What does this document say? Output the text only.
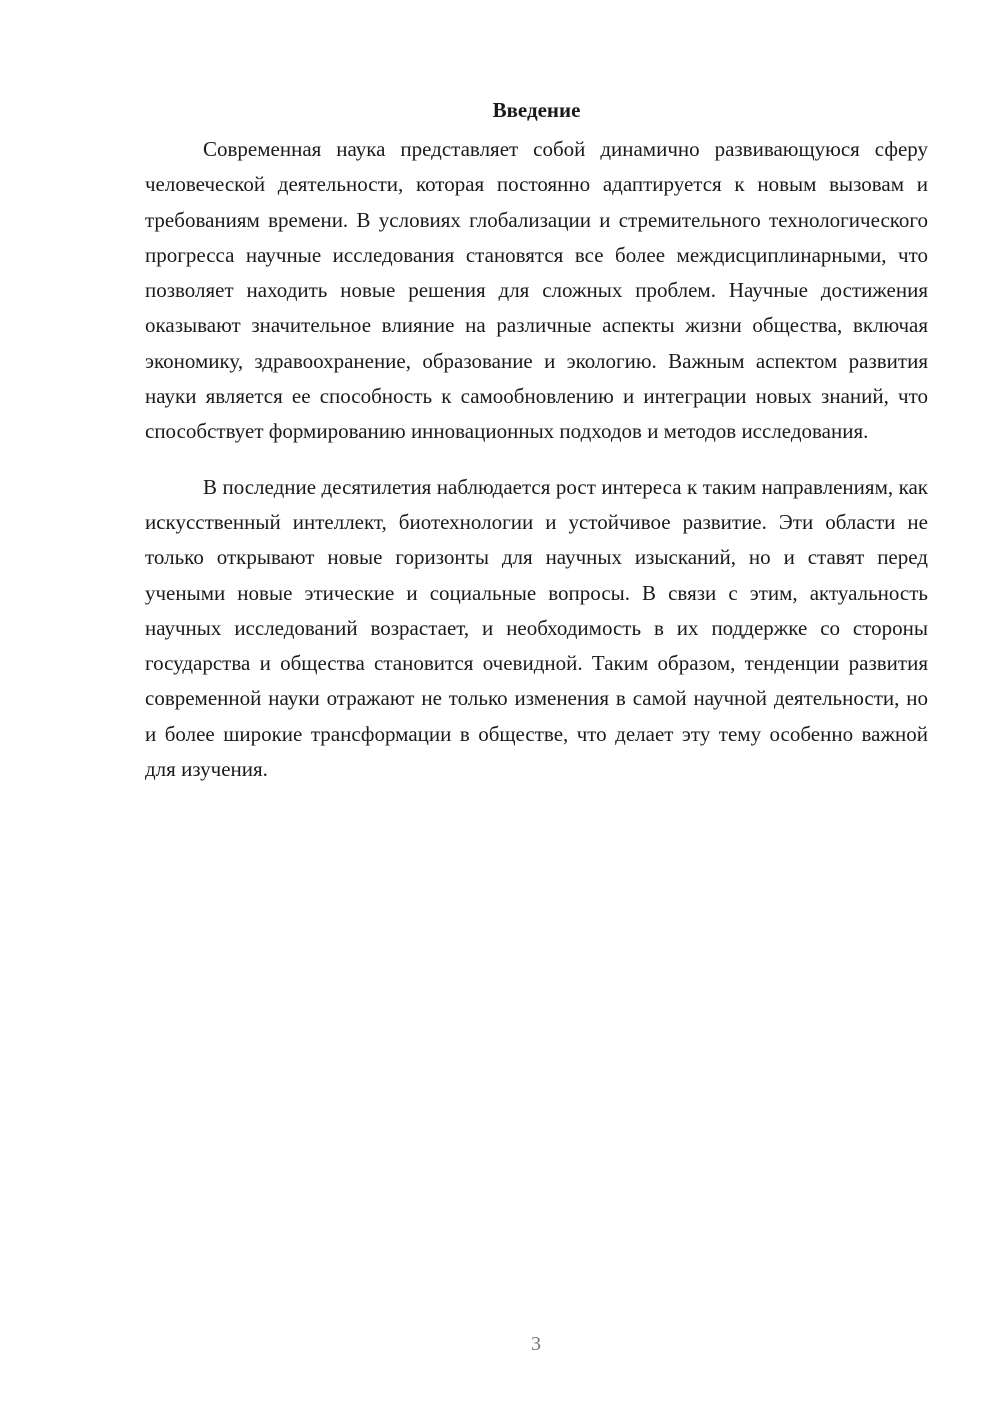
Введение

Современная наука представляет собой динамично развивающуюся сферу человеческой деятельности, которая постоянно адаптируется к новым вызовам и требованиям времени. В условиях глобализации и стремительного технологического прогресса научные исследования становятся все более междисциплинарными, что позволяет находить новые решения для сложных проблем. Научные достижения оказывают значительное влияние на различные аспекты жизни общества, включая экономику, здравоохранение, образование и экологию. Важным аспектом развития науки является ее способность к самообновлению и интеграции новых знаний, что способствует формированию инновационных подходов и методов исследования.

В последние десятилетия наблюдается рост интереса к таким направлениям, как искусственный интеллект, биотехнологии и устойчивое развитие. Эти области не только открывают новые горизонты для научных изысканий, но и ставят перед учеными новые этические и социальные вопросы. В связи с этим, актуальность научных исследований возрастает, и необходимость в их поддержке со стороны государства и общества становится очевидной. Таким образом, тенденции развития современной науки отражают не только изменения в самой научной деятельности, но и более широкие трансформации в обществе, что делает эту тему особенно важной для изучения.

3
